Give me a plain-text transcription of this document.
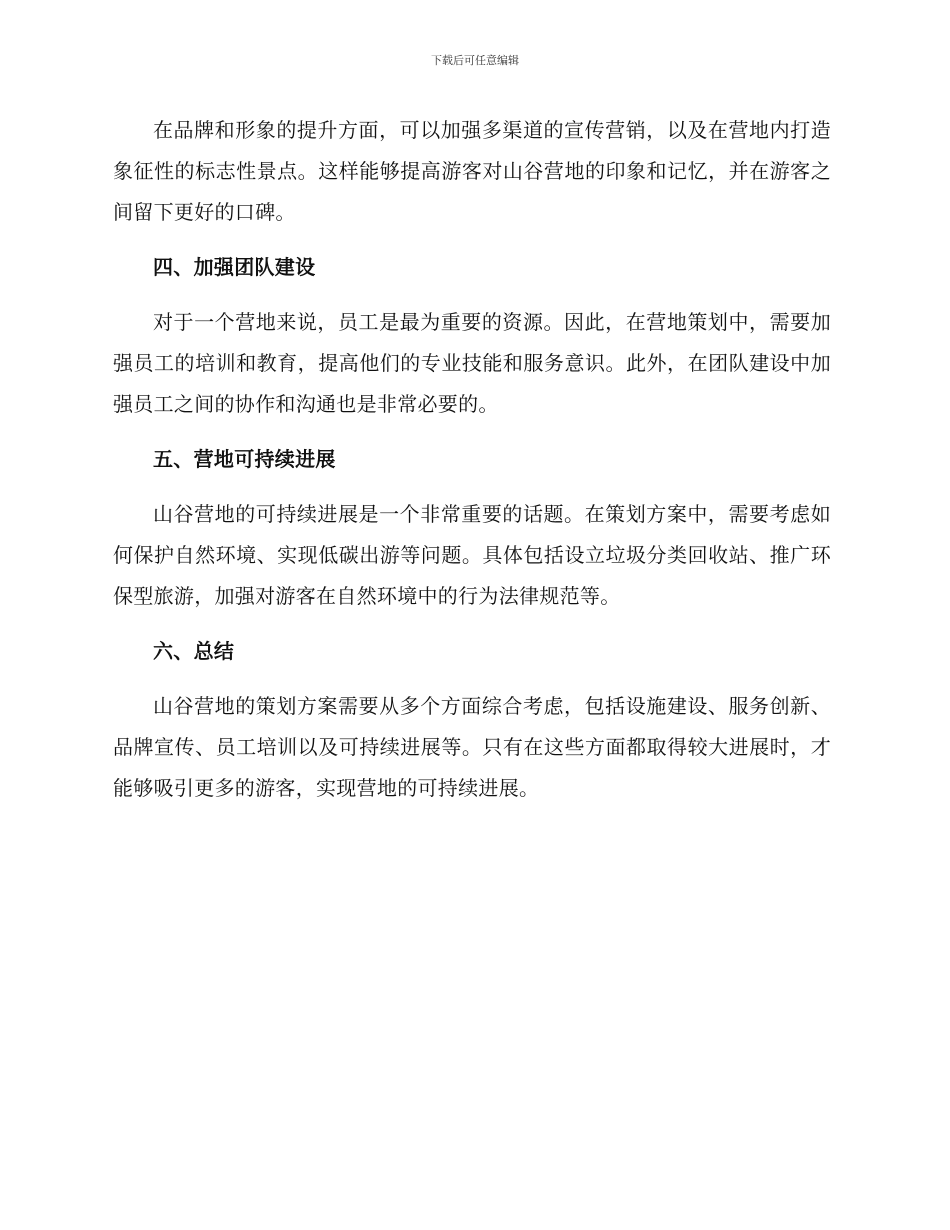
下载后可任意编辑

在品牌和形象的提升方面，可以加强多渠道的宣传营销，以及在营地内打造象征性的标志性景点。这样能够提高游客对山谷营地的印象和记忆，并在游客之间留下更好的口碑。

四、加强团队建设

对于一个营地来说，员工是最为重要的资源。因此，在营地策划中，需要加强员工的培训和教育，提高他们的专业技能和服务意识。此外，在团队建设中加强员工之间的协作和沟通也是非常必要的。

五、营地可持续进展

山谷营地的可持续进展是一个非常重要的话题。在策划方案中，需要考虑如何保护自然环境、实现低碳出游等问题。具体包括设立垃圾分类回收站、推广环保型旅游，加强对游客在自然环境中的行为法律规范等。

六、总结

山谷营地的策划方案需要从多个方面综合考虑，包括设施建设、服务创新、品牌宣传、员工培训以及可持续进展等。只有在这些方面都取得较大进展时，才能够吸引更多的游客，实现营地的可持续进展。
